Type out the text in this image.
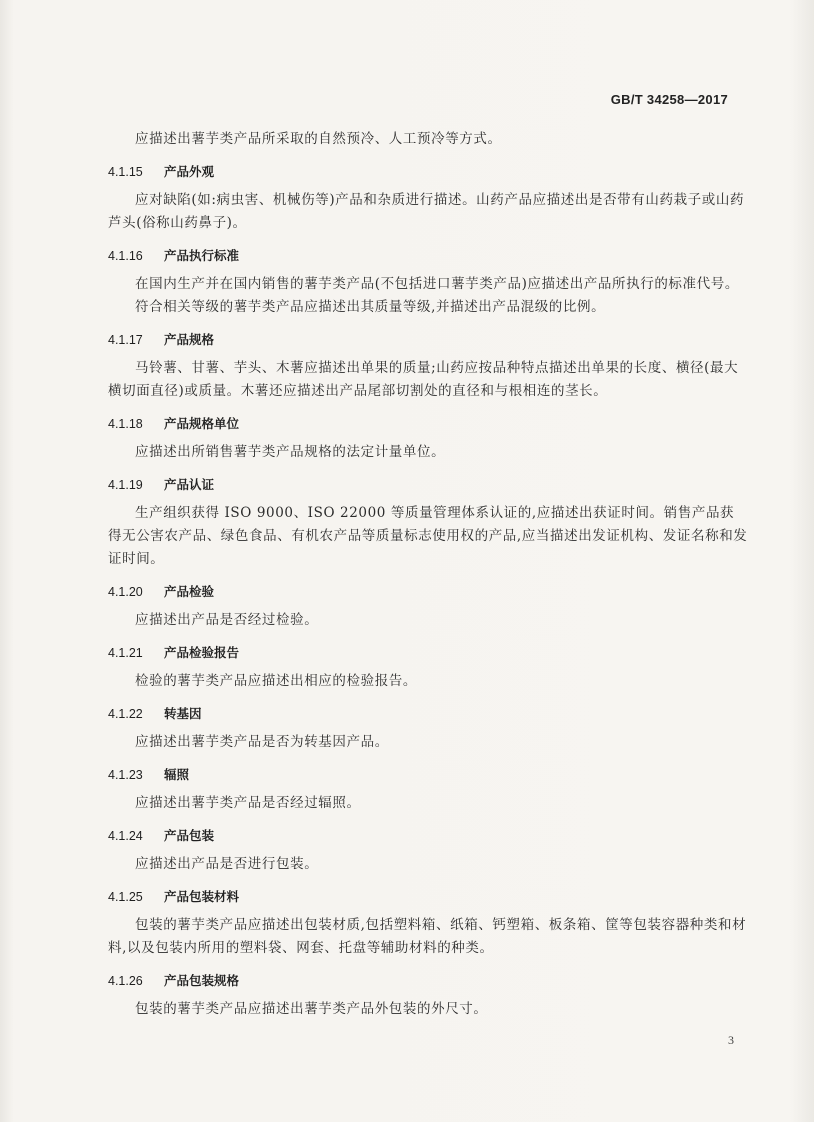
GB/T 34258—2017

应描述出薯芋类产品所采取的自然预冷、人工预冷等方式。

4.1.15 产品外观

应对缺陷(如:病虫害、机械伤等)产品和杂质进行描述。山药产品应描述出是否带有山药栽子或山药芦头(俗称山药鼻子)。

4.1.16 产品执行标准

在国内生产并在国内销售的薯芋类产品(不包括进口薯芋类产品)应描述出产品所执行的标准代号。

符合相关等级的薯芋类产品应描述出其质量等级,并描述出产品混级的比例。

4.1.17 产品规格

马铃薯、甘薯、芋头、木薯应描述出单果的质量;山药应按品种特点描述出单果的长度、横径(最大横切面直径)或质量。木薯还应描述出产品尾部切割处的直径和与根相连的茎长。

4.1.18 产品规格单位

应描述出所销售薯芋类产品规格的法定计量单位。

4.1.19 产品认证

生产组织获得 ISO 9000、ISO 22000 等质量管理体系认证的,应描述出获证时间。销售产品获得无公害农产品、绿色食品、有机农产品等质量标志使用权的产品,应当描述出发证机构、发证名称和发证时间。

4.1.20 产品检验

应描述出产品是否经过检验。

4.1.21 产品检验报告

检验的薯芋类产品应描述出相应的检验报告。

4.1.22 转基因

应描述出薯芋类产品是否为转基因产品。

4.1.23 辐照

应描述出薯芋类产品是否经过辐照。

4.1.24 产品包装

应描述出产品是否进行包装。

4.1.25 产品包装材料

包装的薯芋类产品应描述出包装材质,包括塑料箱、纸箱、钙塑箱、板条箱、筐等包装容器种类和材料,以及包装内所用的塑料袋、网套、托盘等辅助材料的种类。

4.1.26 产品包装规格

包装的薯芋类产品应描述出薯芋类产品外包装的外尺寸。

3
